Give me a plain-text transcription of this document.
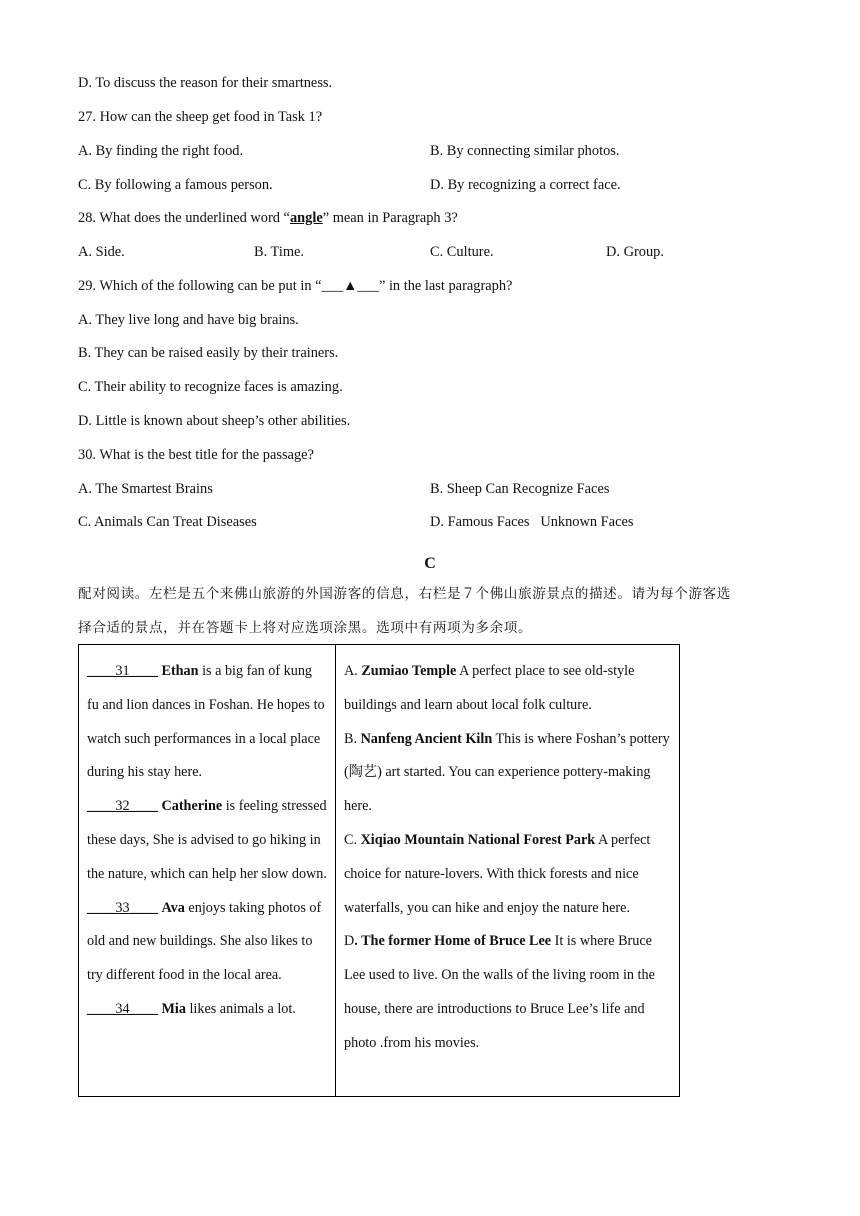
D. To discuss the reason for their smartness.
27. How can the sheep get food in Task 1?
A. By finding the right food.	B. By connecting similar photos.
C. By following a famous person.	D. By recognizing a correct face.
28. What does the underlined word “angle” mean in Paragraph 3?
A. Side.	B. Time.	C. Culture.	D. Group.
29. Which of the following can be put in “___▲___” in the last paragraph?
A. They live long and have big brains.
B. They can be raised easily by their trainers.
C. Their ability to recognize faces is amazing.
D. Little is known about sheep’s other abilities.
30. What is the best title for the passage?
A. The Smartest Brains	B. Sheep Can Recognize Faces
C. Animals Can Treat Diseases	D. Famous Faces   Unknown Faces
C
配对阅读。左栏是五个来佛山旅游的外国游客的信息，右栏是７个佛山旅游景点的描述。请为每个游客选
择合适的景点，并在答题卡上将对应选项涂黑。选项中有两项为多余项。
____31____ Ethan is a big fan of kung fu and lion dances in Foshan. He hopes to watch such performances in a local place during his stay here.
____32____ Catherine is feeling stressed these days, She is advised to go hiking in the nature, which can help her slow down.
____33____ Ava enjoys taking photos of old and new buildings. She also likes to try different food in the local area.
____34____ Mia likes animals a lot.

A. Zumiao Temple A perfect place to see old-style buildings and learn about local folk culture.
B. Nanfeng Ancient Kiln This is where Foshan’s pottery (陶艺) art started. You can experience pottery-making here.
C. Xiqiao Mountain National Forest Park A perfect choice for nature-lovers. With thick forests and nice waterfalls, you can hike and enjoy the nature here.
D. The former Home of Bruce Lee It is where Bruce Lee used to live. On the walls of the living room in the house, there are introductions to Bruce Lee’s life and photo .from his movies.
